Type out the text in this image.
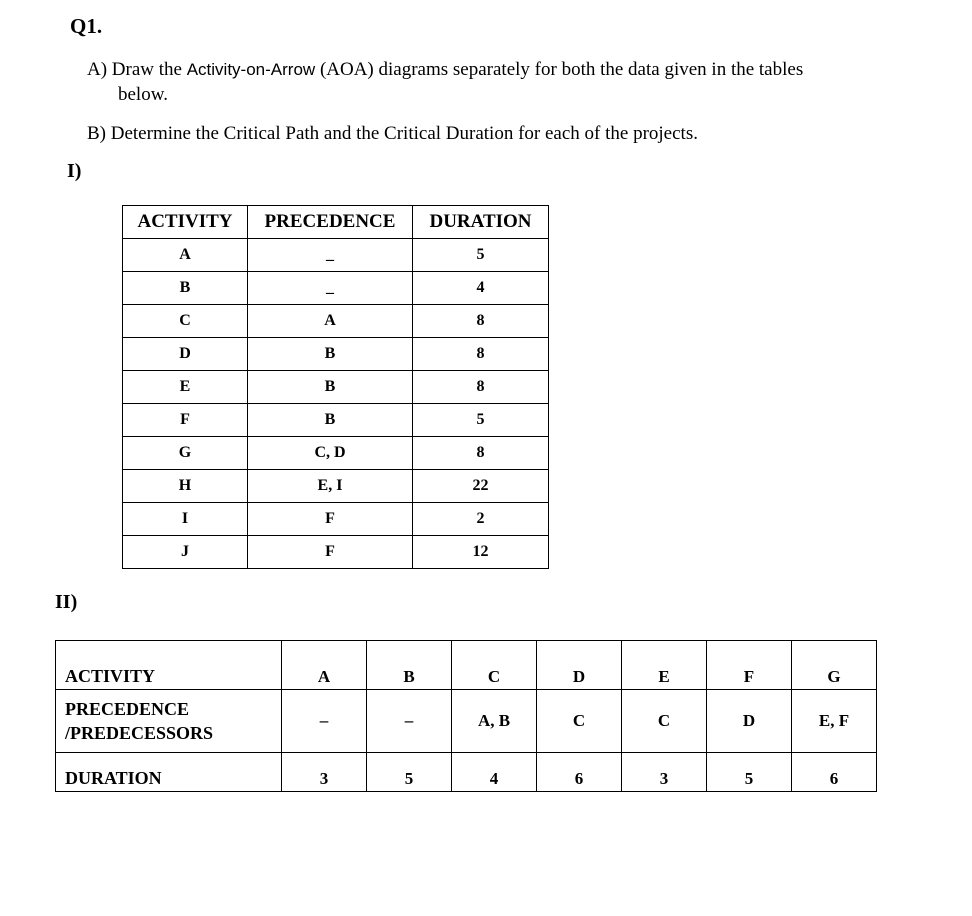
Q1.
A) Draw the Activity-on-Arrow (AOA) diagrams separately for both the data given in the tables
below.
B) Determine the Critical Path and the Critical Duration for each of the projects.
I)
ACTIVITY	PRECEDENCE	DURATION
A	_	5
B	_	4
C	A	8
D	B	8
E	B	8
F	B	5
G	C, D	8
H	E, I	22
I	F	2
J	F	12
II)
ACTIVITY	A	B	C	D	E	F	G

PRECEDENCE
/PREDECESSORS	–	–	A, B	C	C	D	E, F
DURATION	3	5	4	6	3	5	6
